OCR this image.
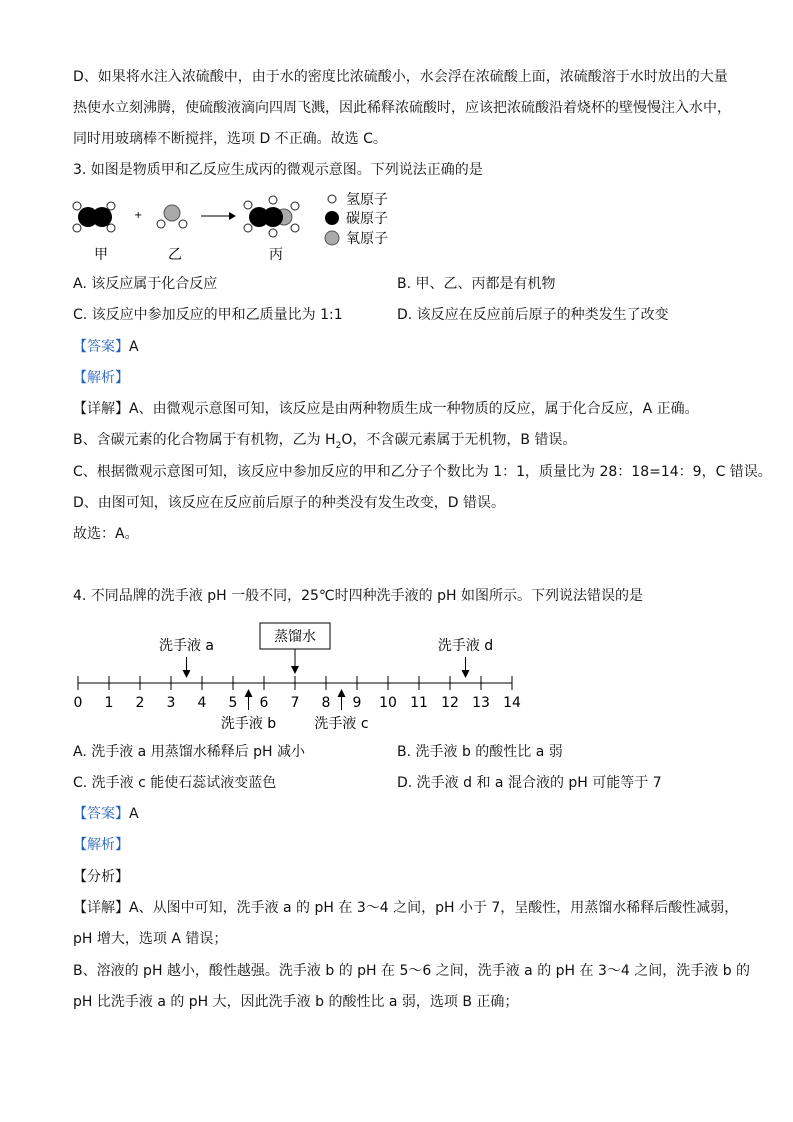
D、如果将水注入浓硫酸中，由于水的密度比浓硫酸小，水会浮在浓硫酸上面，浓硫酸溶于水时放出的大量
热使水立刻沸腾，使硫酸液滴向四周飞溅，因此稀释浓硫酸时，应该把浓硫酸沿着烧杯的壁慢慢注入水中，
同时用玻璃棒不断搅拌，选项 D 不正确。故选 C。
3. 如图是物质甲和乙反应生成丙的微观示意图。下列说法正确的是
+
氢原子
碳原子
氧原子
甲	乙	丙
A. 该反应属于化合反应	B. 甲、乙、丙都是有机物
C. 该反应中参加反应的甲和乙质量比为 1:1	D. 该反应在反应前后原子的种类发生了改变
【答案】A
【解析】
【详解】A、由微观示意图可知，该反应是由两种物质生成一种物质的反应，属于化合反应，A 正确。
B、含碳元素的化合物属于有机物，乙为 $H_2O$，不含碳元素属于无机物，B 错误。
C、根据微观示意图可知，该反应中参加反应的甲和乙分子个数比为 1：1，质量比为 28：18=14：9，C 错误。
D、由图可知，该反应在反应前后原子的种类没有发生改变，D 错误。
故选：A。
4. 不同品牌的洗手液 pH 一般不同，25℃时四种洗手液的 pH 如图所示。下列说法错误的是
0 1 2 3 4 5 6 7 8 9 10 11 12 13 14
蒸馏水
洗手液 a	洗手液 d
洗手液 b	洗手液 c
A. 洗手液 a 用蒸馏水稀释后 pH 减小	B. 洗手液 b 的酸性比 a 弱
C. 洗手液 c 能使石蕊试液变蓝色	D. 洗手液 d 和 a 混合液的 pH 可能等于 7
【答案】A
【解析】
【分析】
【详解】A、从图中可知，洗手液 a 的 pH 在 3～4 之间，pH 小于 7，呈酸性，用蒸馏水稀释后酸性减弱，
pH 增大，选项 A 错误；
B、溶液的 pH 越小，酸性越强。洗手液 b 的 pH 在 5～6 之间，洗手液 a 的 pH 在 3～4 之间，洗手液 b 的
pH 比洗手液 a 的 pH 大，因此洗手液 b 的酸性比 a 弱，选项 B 正确；
